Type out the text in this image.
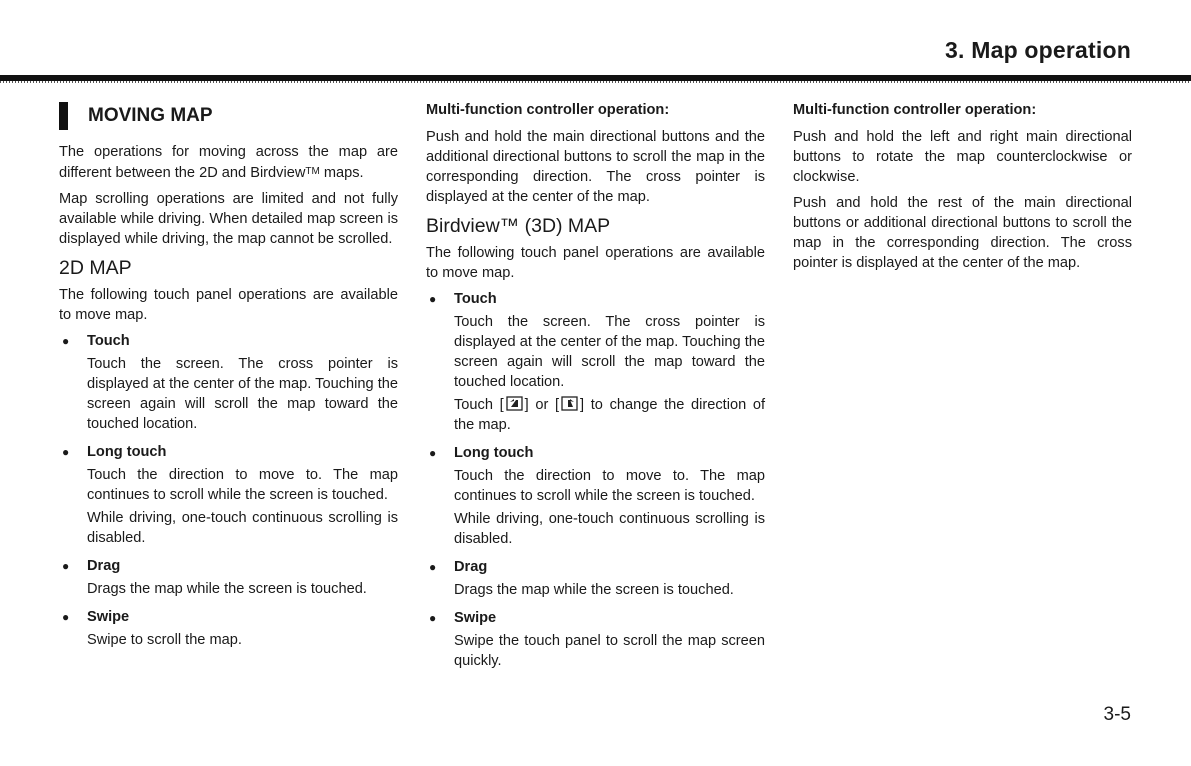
3. Map operation
MOVING MAP

The operations for moving across the map are different between the 2D and Birdview™ maps.

Map scrolling operations are limited and not fully available while driving. When detailed map screen is displayed while driving, the map cannot be scrolled.

2D MAP

The following touch panel operations are available to move map.

● Touch

Touch the screen. The cross pointer is displayed at the center of the map. Touching the screen again will scroll the map toward the touched location.

● Long touch

Touch the direction to move to. The map continues to scroll while the screen is touched.

While driving, one-touch continuous scrolling is disabled.

● Drag

Drags the map while the screen is touched.

● Swipe

Swipe to scroll the map.

Multi-function controller operation:

Push and hold the main directional buttons and the additional directional buttons to scroll the map in the corresponding direction. The cross pointer is displayed at the center of the map.

Birdview™ (3D) MAP

The following touch panel operations are available to move map.

● Touch

Touch the screen. The cross pointer is displayed at the center of the map. Touching the screen again will scroll the map toward the touched location.

Touch [ ] or [ ] to change the direction of the map.

● Long touch

Touch the direction to move to. The map continues to scroll while the screen is touched.

While driving, one-touch continuous scrolling is disabled.

● Drag

Drags the map while the screen is touched.

● Swipe

Swipe the touch panel to scroll the map screen quickly.

Multi-function controller operation:

Push and hold the left and right main directional buttons to rotate the map counterclockwise or clockwise.

Push and hold the rest of the main directional buttons or additional directional buttons to scroll the map in the corresponding direction. The cross pointer is displayed at the center of the map.

3-5
